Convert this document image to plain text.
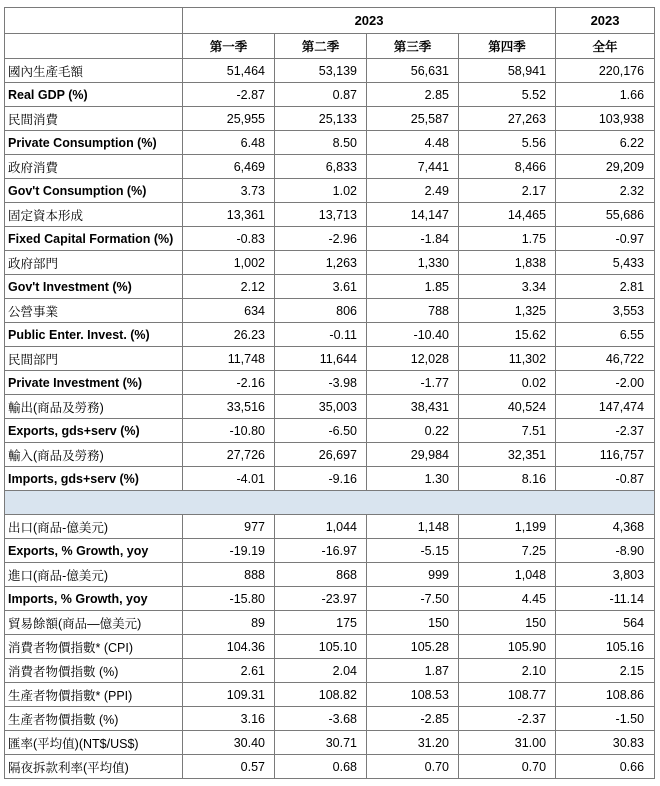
	2023				2023
	第一季	第二季	第三季	第四季	全年
國內生產毛額	51,464	53,139	56,631	58,941	220,176
Real GDP (%)	-2.87	0.87	2.85	5.52	1.66
民間消費	25,955	25,133	25,587	27,263	103,938
Private Consumption (%)	6.48	8.50	4.48	5.56	6.22
政府消費	6,469	6,833	7,441	8,466	29,209
Gov't Consumption (%)	3.73	1.02	2.49	2.17	2.32
固定資本形成	13,361	13,713	14,147	14,465	55,686
Fixed Capital Formation (%)	-0.83	-2.96	-1.84	1.75	-0.97
政府部門	1,002	1,263	1,330	1,838	5,433
Gov't Investment (%)	2.12	3.61	1.85	3.34	2.81
公營事業	634	806	788	1,325	3,553
Public Enter. Invest. (%)	26.23	-0.11	-10.40	15.62	6.55
民間部門	11,748	11,644	12,028	11,302	46,722
Private Investment (%)	-2.16	-3.98	-1.77	0.02	-2.00
輸出(商品及勞務)	33,516	35,003	38,431	40,524	147,474
Exports, gds+serv (%)	-10.80	-6.50	0.22	7.51	-2.37
輸入(商品及勞務)	27,726	26,697	29,984	32,351	116,757
Imports, gds+serv (%)	-4.01	-9.16	1.30	8.16	-0.87

出口(商品-億美元)	977	1,044	1,148	1,199	4,368
Exports, % Growth, yoy	-19.19	-16.97	-5.15	7.25	-8.90
進口(商品-億美元)	888	868	999	1,048	3,803
Imports, % Growth, yoy	-15.80	-23.97	-7.50	4.45	-11.14
貿易餘額(商品—億美元)	89	175	150	150	564
消費者物價指數* (CPI)	104.36	105.10	105.28	105.90	105.16
消費者物價指數 (%)	2.61	2.04	1.87	2.10	2.15
生產者物價指數* (PPI)	109.31	108.82	108.53	108.77	108.86
生產者物價指數 (%)	3.16	-3.68	-2.85	-2.37	-1.50
匯率(平均值)(NT$/US$)	30.40	30.71	31.20	31.00	30.83
隔夜拆款利率(平均值)	0.57	0.68	0.70	0.70	0.66
